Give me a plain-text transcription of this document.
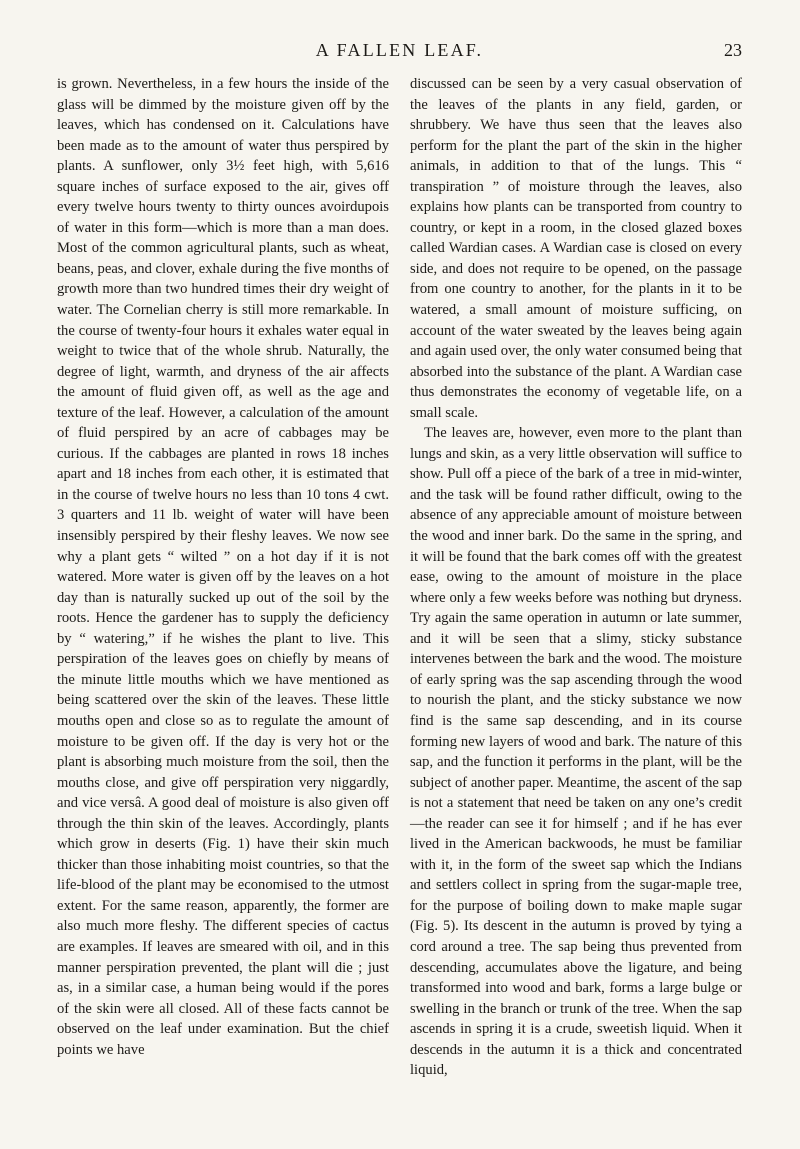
A FALLEN LEAF.	23

is grown. Nevertheless, in a few hours the inside of the glass will be dimmed by the moisture given off by the leaves, which has condensed on it. Calculations have been made as to the amount of water thus perspired by plants. A sunflower, only 3½ feet high, with 5,616 square inches of surface exposed to the air, gives off every twelve hours twenty to thirty ounces avoirdupois of water in this form—which is more than a man does. Most of the common agricultural plants, such as wheat, beans, peas, and clover, exhale during the five months of growth more than two hundred times their dry weight of water. The Cornelian cherry is still more remarkable. In the course of twenty-four hours it exhales water equal in weight to twice that of the whole shrub. Naturally, the degree of light, warmth, and dryness of the air affects the amount of fluid given off, as well as the age and texture of the leaf. However, a calculation of the amount of fluid perspired by an acre of cabbages may be curious. If the cabbages are planted in rows 18 inches apart and 18 inches from each other, it is estimated that in the course of twelve hours no less than 10 tons 4 cwt. 3 quarters and 11 lb. weight of water will have been insensibly perspired by their fleshy leaves. We now see why a plant gets “ wilted ” on a hot day if it is not watered. More water is given off by the leaves on a hot day than is naturally sucked up out of the soil by the roots. Hence the gardener has to supply the deficiency by “ watering,” if he wishes the plant to live. This perspiration of the leaves goes on chiefly by means of the minute little mouths which we have mentioned as being scattered over the skin of the leaves. These little mouths open and close so as to regulate the amount of moisture to be given off. If the day is very hot or the plant is absorbing much moisture from the soil, then the mouths close, and give off perspiration very niggardly, and vice versâ. A good deal of moisture is also given off through the thin skin of the leaves. Accordingly, plants which grow in deserts (Fig. 1) have their skin much thicker than those inhabiting moist countries, so that the life-blood of the plant may be economised to the utmost extent. For the same reason, apparently, the former are also much more fleshy. The different species of cactus are examples. If leaves are smeared with oil, and in this manner perspiration prevented, the plant will die ; just as, in a similar case, a human being would if the pores of the skin were all closed. All of these facts cannot be observed on the leaf under examination. But the chief points we have

discussed can be seen by a very casual observation of the leaves of the plants in any field, garden, or shrubbery. We have thus seen that the leaves also perform for the plant the part of the skin in the higher animals, in addition to that of the lungs. This “ transpiration ” of moisture through the leaves, also explains how plants can be transported from country to country, or kept in a room, in the closed glazed boxes called Wardian cases. A Wardian case is closed on every side, and does not require to be opened, on the passage from one country to another, for the plants in it to be watered, a small amount of moisture sufficing, on account of the water sweated by the leaves being again and again used over, the only water consumed being that absorbed into the substance of the plant. A Wardian case thus demonstrates the economy of vegetable life, on a small scale.

The leaves are, however, even more to the plant than lungs and skin, as a very little observation will suffice to show. Pull off a piece of the bark of a tree in mid-winter, and the task will be found rather difficult, owing to the absence of any appreciable amount of moisture between the wood and inner bark. Do the same in the spring, and it will be found that the bark comes off with the greatest ease, owing to the amount of moisture in the place where only a few weeks before was nothing but dryness. Try again the same operation in autumn or late summer, and it will be seen that a slimy, sticky substance intervenes between the bark and the wood. The moisture of early spring was the sap ascending through the wood to nourish the plant, and the sticky substance we now find is the same sap descending, and in its course forming new layers of wood and bark. The nature of this sap, and the function it performs in the plant, will be the subject of another paper. Meantime, the ascent of the sap is not a statement that need be taken on any one’s credit—the reader can see it for himself ; and if he has ever lived in the American backwoods, he must be familiar with it, in the form of the sweet sap which the Indians and settlers collect in spring from the sugar-maple tree, for the purpose of boiling down to make maple sugar (Fig. 5). Its descent in the autumn is proved by tying a cord around a tree. The sap being thus prevented from descending, accumulates above the ligature, and being transformed into wood and bark, forms a large bulge or swelling in the branch or trunk of the tree. When the sap ascends in spring it is a crude, sweetish liquid. When it descends in the autumn it is a thick and concentrated liquid,
